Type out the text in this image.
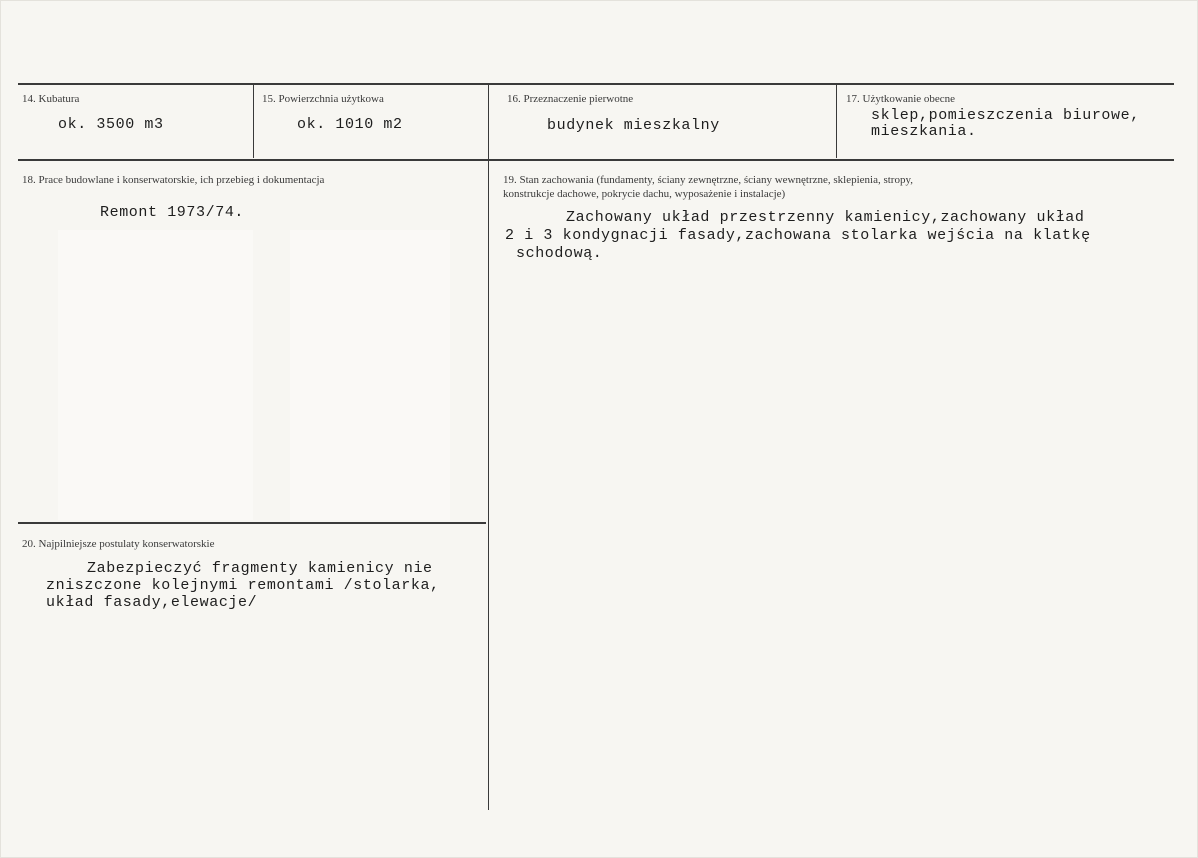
14. Kubatura
ok. 3500 m3
15. Powierzchnia użytkowa
ok. 1010 m2
16. Przeznaczenie pierwotne
budynek mieszkalny
17. Użytkowanie obecne
sklep,pomieszczenia biurowe,
mieszkania.
18. Prace budowlane i konserwatorskie, ich przebieg i dokumentacja
Remont 1973/74.
19. Stan zachowania (fundamenty, ściany zewnętrzne, ściany wewnętrzne, sklepienia, stropy,
konstrukcje dachowe, pokrycie dachu, wyposażenie i instalacje)
Zachowany układ przestrzenny kamienicy,zachowany układ
2 i 3 kondygnacji fasady,zachowana stolarka wejścia na klatkę
schodową.
20. Najpilniejsze postulaty konserwatorskie
Zabezpieczyć fragmenty kamienicy nie
zniszczone kolejnymi remontami /stolarka,
układ fasady,elewacje/
